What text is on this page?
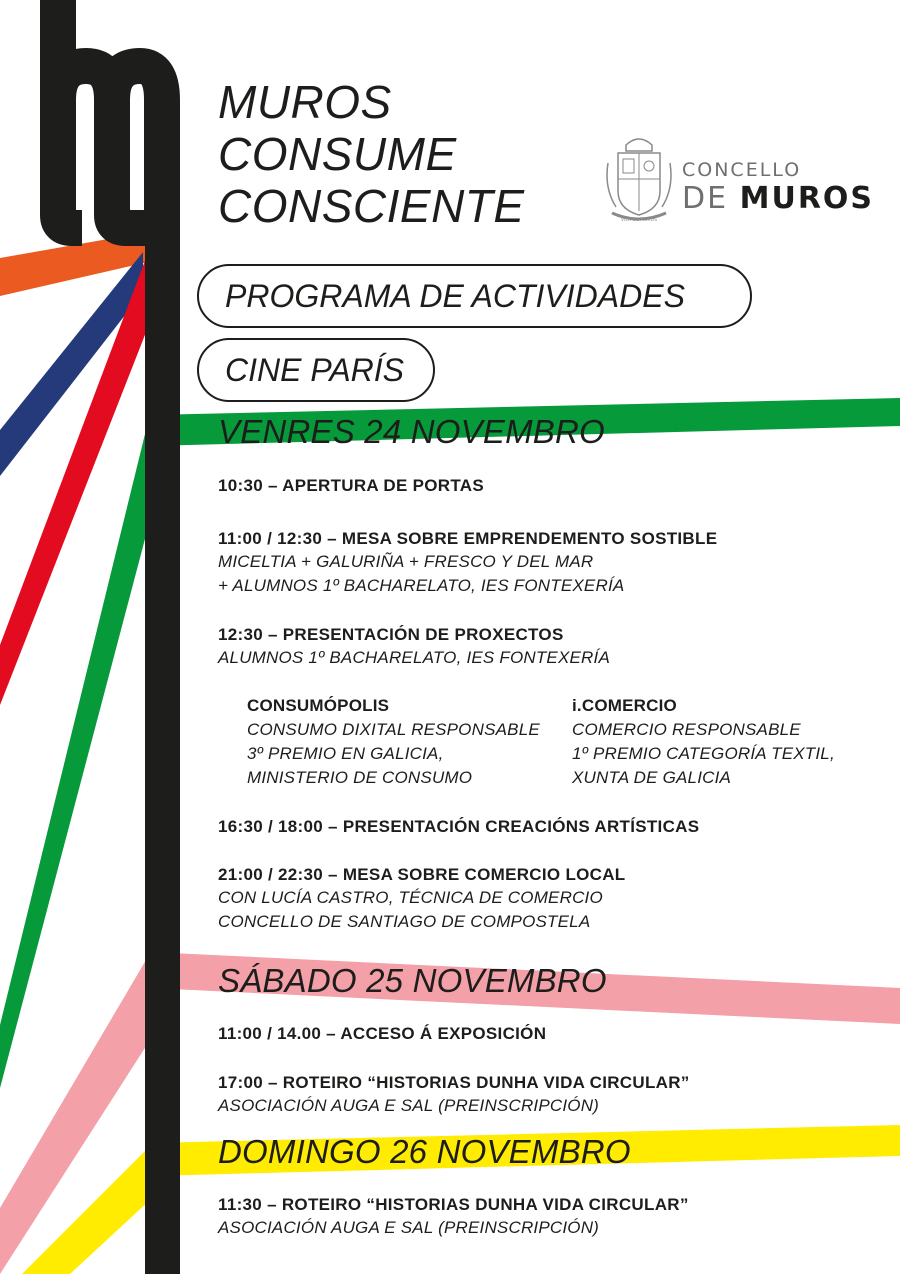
MUROS
CONSUME
CONSCIENTE	VILA DE MUROS
CONCELLO
DE MUROS
PROGRAMA DE ACTIVIDADES
CINE PARÍS
VENRES 24 NOVEMBRO
10:30 – APERTURA DE PORTAS
11:00 / 12:30 – MESA SOBRE EMPRENDEMENTO SOSTIBLE
MICELTIA + GALURIÑA + FRESCO Y DEL MAR
+ ALUMNOS 1º BACHARELATO, IES FONTEXERÍA
12:30 – PRESENTACIÓN DE PROXECTOS
ALUMNOS 1º BACHARELATO, IES FONTEXERÍA
CONSUMÓPOLIS
CONSUMO DIXITAL RESPONSABLE
3º PREMIO EN GALICIA,
MINISTERIO DE CONSUMO
i.COMERCIO
COMERCIO RESPONSABLE
1º PREMIO CATEGORÍA TEXTIL,
XUNTA DE GALICIA
16:30 / 18:00 – PRESENTACIÓN CREACIÓNS ARTÍSTICAS
21:00 / 22:30 – MESA SOBRE COMERCIO LOCAL
CON LUCÍA CASTRO, TÉCNICA DE COMERCIO
CONCELLO DE SANTIAGO DE COMPOSTELA
SÁBADO 25 NOVEMBRO
11:00 / 14.00 – ACCESO Á EXPOSICIÓN
17:00 – ROTEIRO “HISTORIAS DUNHA VIDA CIRCULAR”
ASOCIACIÓN AUGA E SAL (PREINSCRIPCIÓN)
DOMINGO 26 NOVEMBRO
11:30 – ROTEIRO “HISTORIAS DUNHA VIDA CIRCULAR”
ASOCIACIÓN AUGA E SAL (PREINSCRIPCIÓN)
